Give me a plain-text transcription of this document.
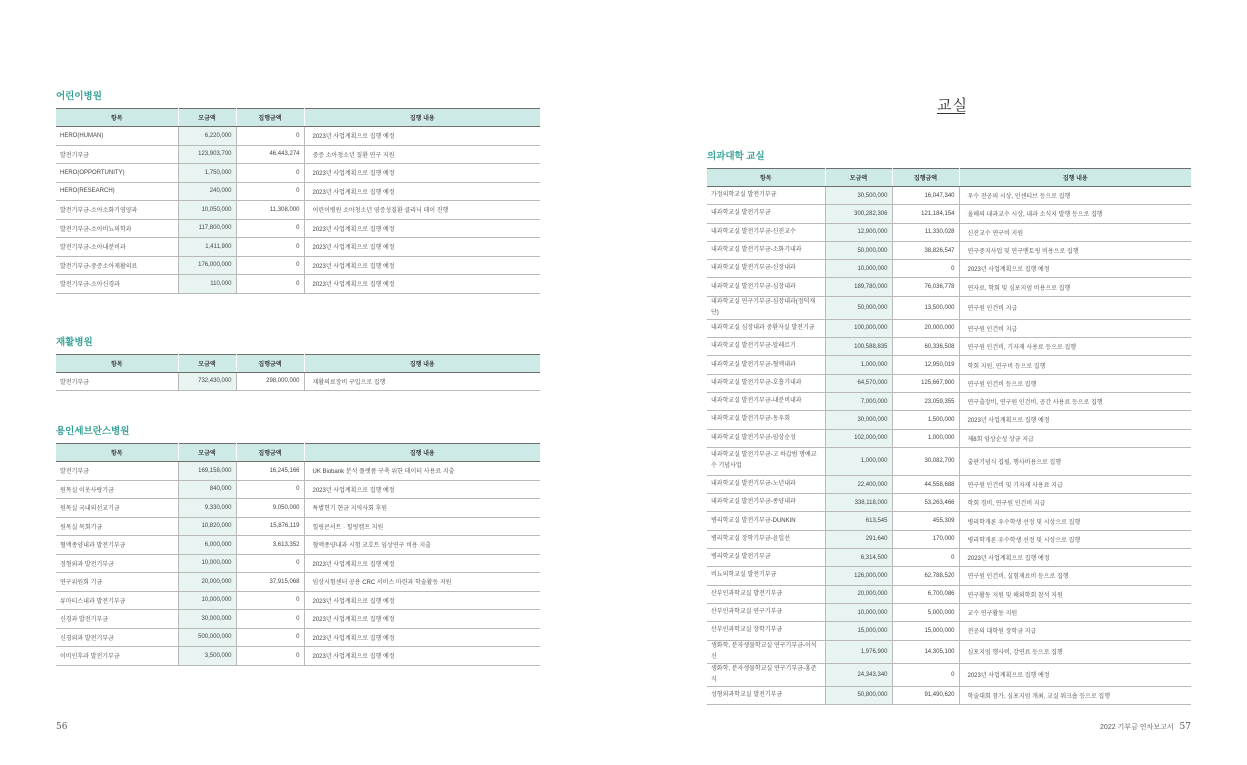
어린이병원
항목	모금액	집행금액	집행 내용
HERO(HUMAN)	6,220,000	0	2023년 사업계획으로 집행 예정
발전기부금	123,903,700	46,443,274	중증 소아청소년 질환 연구 지원
HERO(OPPORTUNITY)	1,750,000	0	2023년 사업계획으로 집행 예정
HERO(RESEARCH)	240,000	0	2023년 사업계획으로 집행 예정
발전기부금-소아소화기영양과	10,050,000	11,308,000	어린이병원 소아청소년 염증성질환 클리닉 데이 진행
발전기부금-소아비뇨의학과	117,800,000	0	2023년 사업계획으로 집행 예정
발전기부금-소아내분비과	1,411,900	0	2023년 사업계획으로 집행 예정
발전기부금-중증소아재활의료	176,000,000	0	2023년 사업계획으로 집행 예정
발전기부금-소아신경과	110,000	0	2023년 사업계획으로 집행 예정
재활병원
항목	모금액	집행금액	집행 내용
발전기부금	732,430,000	298,000,000	재활의료장비 구입으로 집행
용인세브란스병원
항목	모금액	집행금액	집행 내용
발전기부금	169,158,000	16,245,166	UK Biobank 분석 플랫폼 구축 위한 데이터 사용료 지출
원목실 이웃사랑기금	840,000	0	2023년 사업계획으로 집행 예정
원목실 국내의선교기금	9,330,000	9,050,000	특별헌기 현금 지역사회 후원
원목실 목회기금	10,820,000	15,876,119	힐링콘서트 · 힐링캠프 지원
혈액종양내과 발전기부금	6,000,000	3,613,352	혈액종양내과 시험 코호트 임상연구 비용 지출
정형외과 발전기부금	10,000,000	0	2023년 사업계획으로 집행 예정
연구위원회 기금	20,000,000	37,915,068	임상시험센터 공용 CRC 서비스 마련과 학술활동 지원
류마티스내과 발전기부금	10,000,000	0	2023년 사업계획으로 집행 예정
신경과 발전기부금	30,000,000	0	2023년 사업계획으로 집행 예정
신경외과 발전기부금	500,000,000	0	2023년 사업계획으로 집행 예정
이비인후과 발전기부금	3,500,000	0	2023년 사업계획으로 집행 예정
교실
의과대학 교실
항목	모금액	집행금액	집행 내용
가정의학교실 발전기부금	30,500,000	16,047,340	우수 전공의 시상, 인센티브 등으로 집행
내과학교실 발전기부금	300,282,306	121,184,154	올해의 내과교수 시상, 내과 소식지 발행 등으로 집행
내과학교실 발전기부금-신진교수	12,900,000	11,330,028	신진교수 연구비 지원
내과학교실 발전기부금-소화기내과	50,000,000	38,826,547	연구중지사업 및 연구멘토링 비용으로 집행
내과학교실 발전기부금-신장내과	10,000,000	0	2023년 사업계획으로 집행 예정
내과학교실 발전기부금-심장내과	189,780,000	76,036,778	연자료, 학회 및 심포지엄 비용으로 집행
내과학교실 연구기부금-심장내과(정덕재단)	50,000,000	13,500,000	연구원 인건비 지급
내과학교실 심장내과 중환자실 발전기금	100,000,000	20,000,000	연구원 인건비 지급
내과학교실 발전기부금-알레르기	100,588,835	60,336,508	연구원 인건비, 기자재 사용료 등으로 집행
내과학교실 발전기부금-혈액내과	1,000,000	12,950,019	학회 지원, 연구비 등으로 집행
내과학교실 발전기부금-호흡기내과	64,570,000	125,667,900	연구원 인건비 등으로 집행
내과학교실 발전기부금-내분비내과	7,000,000	23,059,355	연구출장비, 연구원 인건비, 공간 사용료 등으로 집행
내과학교실 발전기부금-동우회	30,000,000	1,500,000	2023년 사업계획으로 집행 예정
내과학교실 발전기부금-임상순성	102,000,000	1,000,000	제8회 임상순성 상금 지급
내과학교실 발전기부금-고 하갑범 명예교수 기념사업	1,000,000	30,082,700	출판기념식 집필, 행사비용으로 집행
내과학교실 발전기부금-노년내과	22,400,000	44,558,688	연구원 인건비 및 기자재 사용료 지급
내과학교실 발전기부금-종양내과	338,118,000	53,263,466	학회 경비, 연구원 인건비 지급
병리학교실 발전기부금-DUNKIN	613,545	455,309	병리학개론 우수학생 선정 및 시상으로 집행
병리학교실 장학기부금-윤일선	291,640	170,000	병리학개론 우수학생 선정 및 시상으로 집행
병리학교실 발전기부금	6,314,500	0	2023년 사업계획으로 집행 예정
비뇨의학교실 발전기부금	126,000,000	62,788,520	연구원 인건비, 실험재료비 등으로 집행
산부인과학교실 발전기부금	20,000,000	6,700,086	연구활동 지원 및 해외학회 참석 지원
산부인과학교실 연구기부금	10,000,000	5,000,000	교수 연구활동 지원
산부인과학교실 장학기부금	15,000,000	15,000,000	전공의 대학원 장학금 지급
생화학, 분자생물학교실 연구기부금-이석신	1,976,900	14,305,100	심포지엄 행사비, 강연료 등으로 집행
생화학, 분자생물학교실 연구기부금-홍준식	24,343,340	0	2023년 사업계획으로 집행 예정
성형외과학교실 발전기부금	50,800,000	91,490,620	학술대회 참가, 심포지엄 개최, 교실 워크숍 등으로 집행
56	2022 기부금 연차보고서 57
